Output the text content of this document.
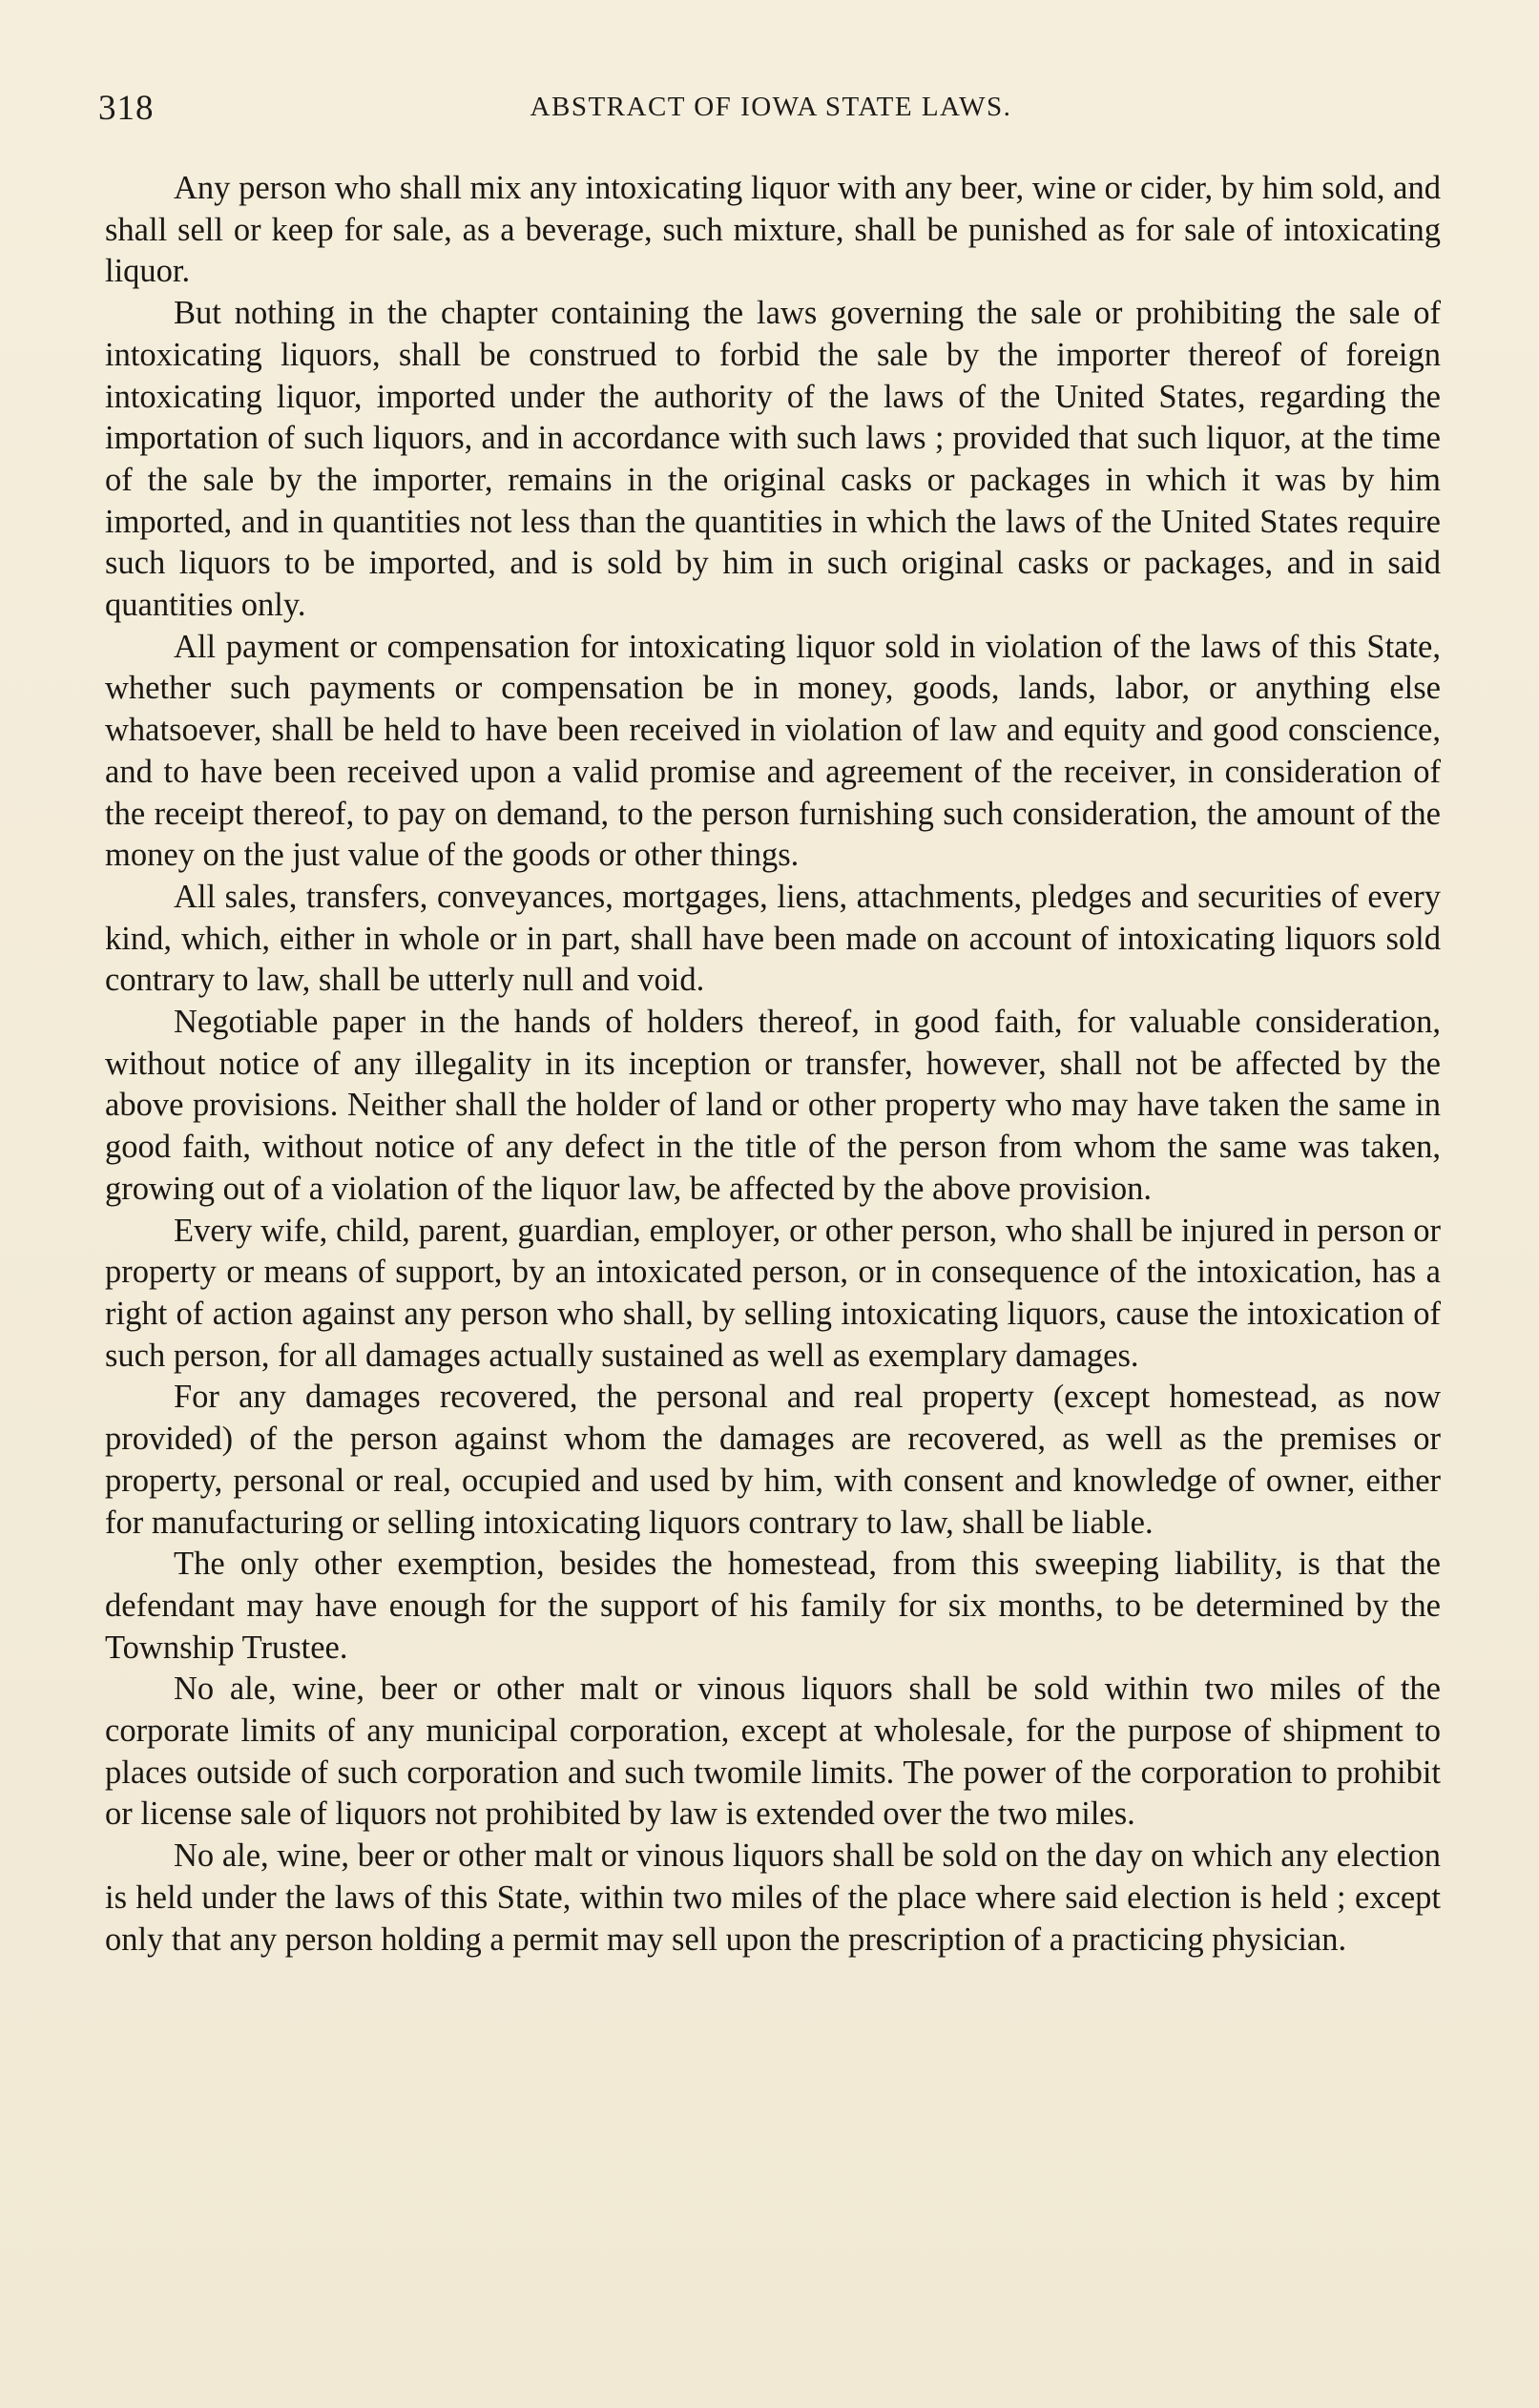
318	ABSTRACT OF IOWA STATE LAWS.

Any person who shall mix any intoxicating liquor with any beer, wine or cider, by him sold, and shall sell or keep for sale, as a beverage, such mixture, shall be punished as for sale of intoxicating liquor.

But nothing in the chapter containing the laws governing the sale or prohibiting the sale of intoxicating liquors, shall be construed to forbid the sale by the importer thereof of foreign intoxicating liquor, imported under the authority of the laws of the United States, regarding the importation of such liquors, and in accordance with such laws ; provided that such liquor, at the time of the sale by the importer, remains in the original casks or packages in which it was by him imported, and in quantities not less than the quantities in which the laws of the United States require such liquors to be imported, and is sold by him in such original casks or packages, and in said quantities only.

All payment or compensation for intoxicating liquor sold in violation of the laws of this State, whether such payments or compensation be in money, goods, lands, labor, or anything else whatsoever, shall be held to have been received in violation of law and equity and good conscience, and to have been received upon a valid promise and agreement of the receiver, in consideration of the receipt thereof, to pay on demand, to the person furnishing such consideration, the amount of the money on the just value of the goods or other things.

All sales, transfers, conveyances, mortgages, liens, attachments, pledges and securities of every kind, which, either in whole or in part, shall have been made on account of intoxicating liquors sold contrary to law, shall be utterly null and void.

Negotiable paper in the hands of holders thereof, in good faith, for valuable consideration, without notice of any illegality in its inception or transfer, however, shall not be affected by the above provisions. Neither shall the holder of land or other property who may have taken the same in good faith, without notice of any defect in the title of the person from whom the same was taken, growing out of a violation of the liquor law, be affected by the above provision.

Every wife, child, parent, guardian, employer, or other person, who shall be injured in person or property or means of support, by an intoxicated person, or in consequence of the intoxication, has a right of action against any person who shall, by selling intoxicating liquors, cause the intoxication of such person, for all damages actually sustained as well as exemplary damages.

For any damages recovered, the personal and real property (except homestead, as now provided) of the person against whom the damages are recovered, as well as the premises or property, personal or real, occupied and used by him, with consent and knowledge of owner, either for manufacturing or selling intoxicating liquors contrary to law, shall be liable.

The only other exemption, besides the homestead, from this sweeping liability, is that the defendant may have enough for the support of his family for six months, to be determined by the Township Trustee.

No ale, wine, beer or other malt or vinous liquors shall be sold within two miles of the corporate limits of any municipal corporation, except at wholesale, for the purpose of shipment to places outside of such corporation and such twomile limits. The power of the corporation to prohibit or license sale of liquors not prohibited by law is extended over the two miles.

No ale, wine, beer or other malt or vinous liquors shall be sold on the day on which any election is held under the laws of this State, within two miles of the place where said election is held ; except only that any person holding a permit may sell upon the prescription of a practicing physician.
